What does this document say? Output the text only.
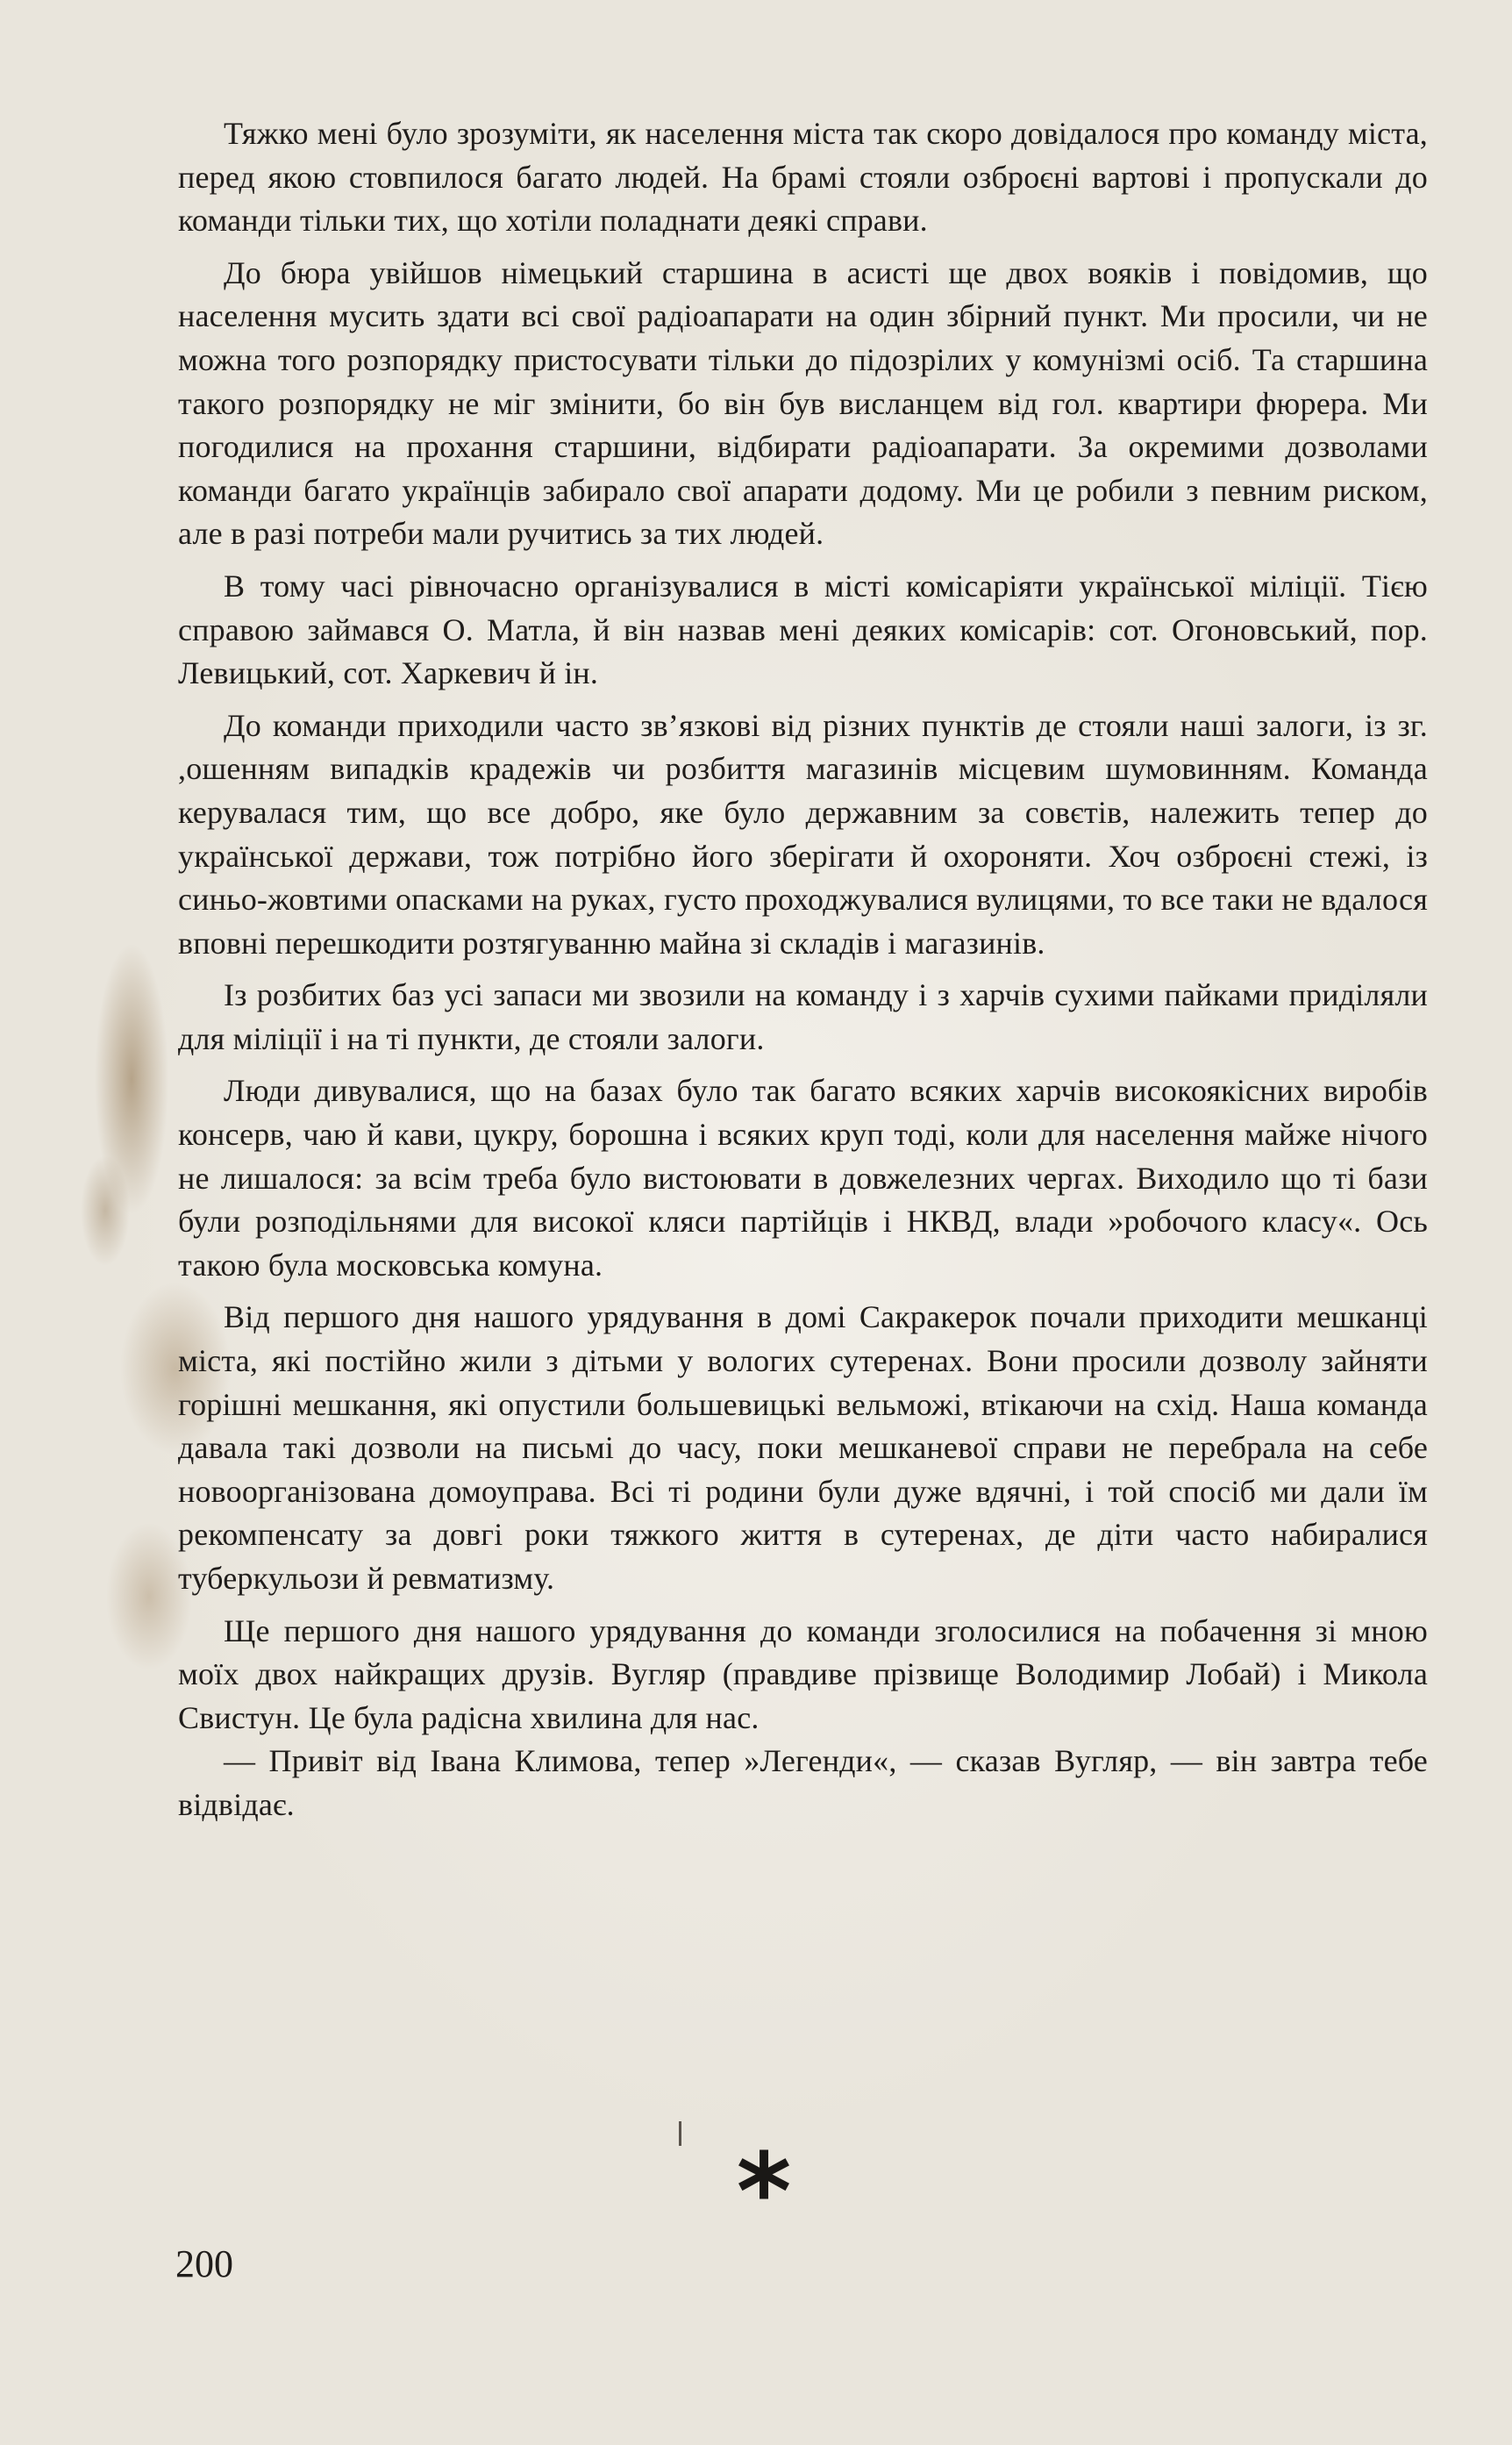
Тяжко мені було зрозуміти, як населення міста так скоро довідалося про команду міста, перед якою стовпилося багато людей. На брамі стояли озброєні вартові і пропускали до команди тільки тих, що хотіли поладнати деякі справи.

До бюра увійшов німецький старшина в асисті ще двох вояків і повідомив, що населення мусить здати всі свої радіоапарати на один збірний пункт. Ми просили, чи не можна того розпорядку пристосувати тільки до підозрілих у комунізмі осіб. Та старшина такого розпорядку не міг змінити, бо він був висланцем від гол. квартири фюрера. Ми погодилися на прохання старшини, відбирати радіоапарати. За окремими дозволами команди багато українців забирало свої апарати додому. Ми це робили з певним риском, але в разі потреби мали ручитись за тих людей.

В тому часі рівночасно організувалися в місті комісаріяти української міліції. Тією справою займався О. Матла, й він назвав мені деяких комісарів: сот. Огоновський, пор. Левицький, сот. Харкевич й ін.

До команди приходили часто зв’язкові від різних пунктів де стояли наші залоги, із зг. ,ошенням випадків крадежів чи розбиття магазинів місцевим шумовинням. Команда керувалася тим, що все добро, яке було державним за совєтів, належить тепер до української держави, тож потрібно його зберігати й охороняти. Хоч озброєні стежі, із синьо-жовтими опасками на руках, густо проходжувалися вулицями, то все таки не вдалося вповні перешкодити розтягуванню майна зі складів і магазинів.

Із розбитих баз усі запаси ми звозили на команду і з харчів сухими пайками приділяли для міліції і на ті пункти, де стояли залоги.

Люди дивувалися, що на базах було так багато всяких харчів високоякісних виробів консерв, чаю й кави, цукру, борошна і всяких круп тоді, коли для населення майже нічого не лишалося: за всім треба було вистоювати в довжелезних чергах. Виходило що ті бази були розподільнями для високої кляси партійців і НКВД, влади »робочого класу«. Ось такою була московська комуна.

Від першого дня нашого урядування в домі Сакракерок почали приходити мешканці міста, які постійно жили з дітьми у вологих сутеренах. Вони просили дозволу зайняти горішні мешкання, які опустили большевицькі вельможі, втікаючи на схід. Наша команда давала такі дозволи на письмі до часу, поки мешканевої справи не перебрала на себе новоорганізована домоуправа. Всі ті родини були дуже вдячні, і той спосіб ми дали їм рекомпенсату за довгі роки тяжкого життя в сутеренах, де діти часто набиралися туберкульози й ревматизму.

Ще першого дня нашого урядування до команди зголосилися на побачення зі мною моїх двох найкращих друзів. Вугляр (правдиве прізвище Володимир Лобай) і Микола Свистун. Це була радісна хвилина для нас.

— Привіт від Івана Климова, тепер »Легенди«, — сказав Вугляр, — він завтра тебе відвідає.

*
200
